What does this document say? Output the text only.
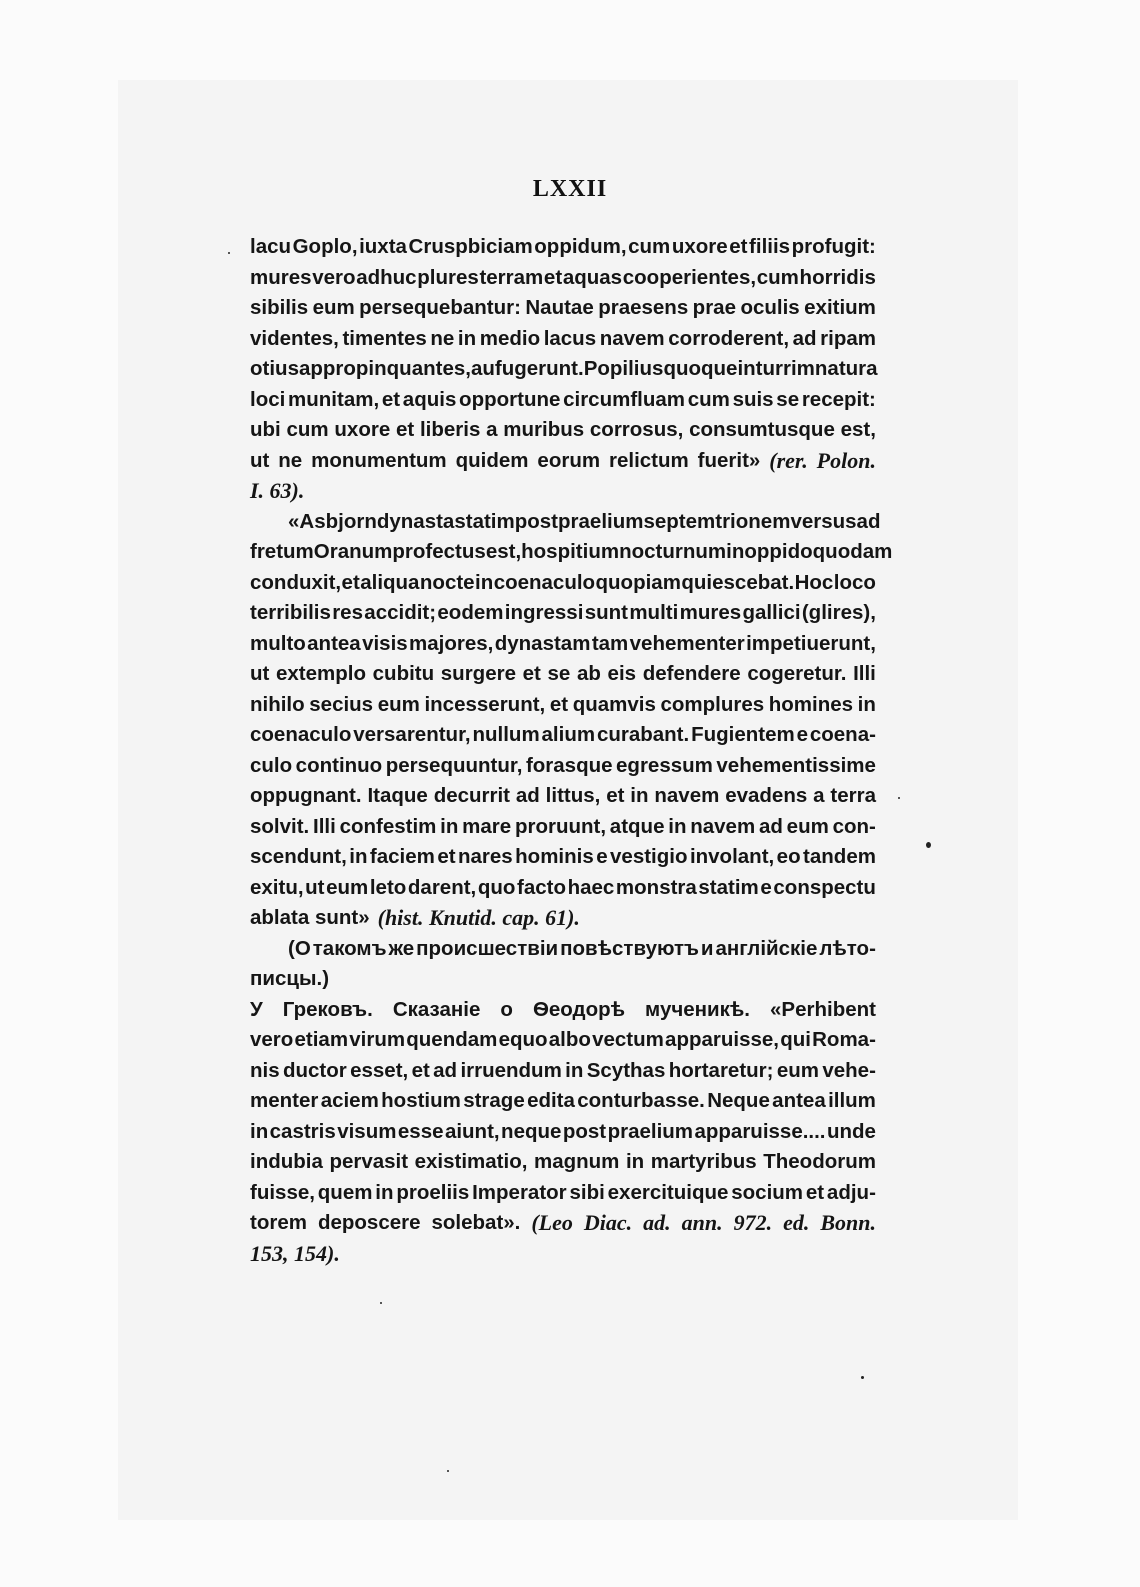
LXXII
lacu Goplo, iuxta Cruspbiciam oppidum, cum uxore et filiis profugit:
mures vero adhuc plures terram et aquas cooperientes, cum horridis
sibilis eum persequebantur: Nautae praesens prae oculis exitium
videntes, timentes ne in medio lacus navem corroderent, ad ripam
otius appropinquantes, aufugerunt. Popilius quoque in turrim natura
loci munitam, et aquis opportune circumfluam cum suis se recepit:
ubi cum uxore et liberis a muribus corrosus, consumtusque est,
ut ne monumentum quidem eorum relictum fuerit» (rer. Polon.
I. 63).
«Asbjorn dynasta statim post praelium septemtrionem versus ad
fretum Oranum profectus est, hospitium nocturnum in oppido quodam
conduxit, et aliqua nocte in coenaculo quopiam quiescebat. Hoc loco
terribilis res accidit; eodem ingressi sunt multi mures gallici (glires),
multo antea visis majores, dynastam tam vehementer impetiuerunt,
ut extemplo cubitu surgere et se ab eis defendere cogeretur. Illi
nihilo secius eum incesserunt, et quamvis complures homines in
coenaculo versarentur, nullum alium curabant. Fugientem e coena-
culo continuo persequuntur, forasque egressum vehementissime
oppugnant. Itaque decurrit ad littus, et in navem evadens a terra
solvit. Illi confestim in mare proruunt, atque in navem ad eum con-
scendunt, in faciem et nares hominis e vestigio involant, eo tandem
exitu, ut eum leto darent, quo facto haec monstra statim e conspectu
ablata sunt» (hist. Knutid. cap. 61).
(О такомъ же происшествіи повѣствуютъ и англійскіе лѣто-
писцы.)
У Грековъ. Сказаніе о Ѳеодорѣ мученикѣ. «Perhibent
vero etiam virum quendam equo albo vectum apparuisse, qui Roma-
nis ductor esset, et ad irruendum in Scythas hortaretur; eum vehe-
menter aciem hostium strage edita conturbasse. Neque antea illum
in castris visum esse aiunt, neque post praelium apparuisse.... unde
indubia pervasit existimatio, magnum in martyribus Theodorum
fuisse, quem in proeliis Imperator sibi exercituique socium et adju-
torem deposcere solebat». (Leo Diac. ad. ann. 972. ed. Bonn.
153, 154).
